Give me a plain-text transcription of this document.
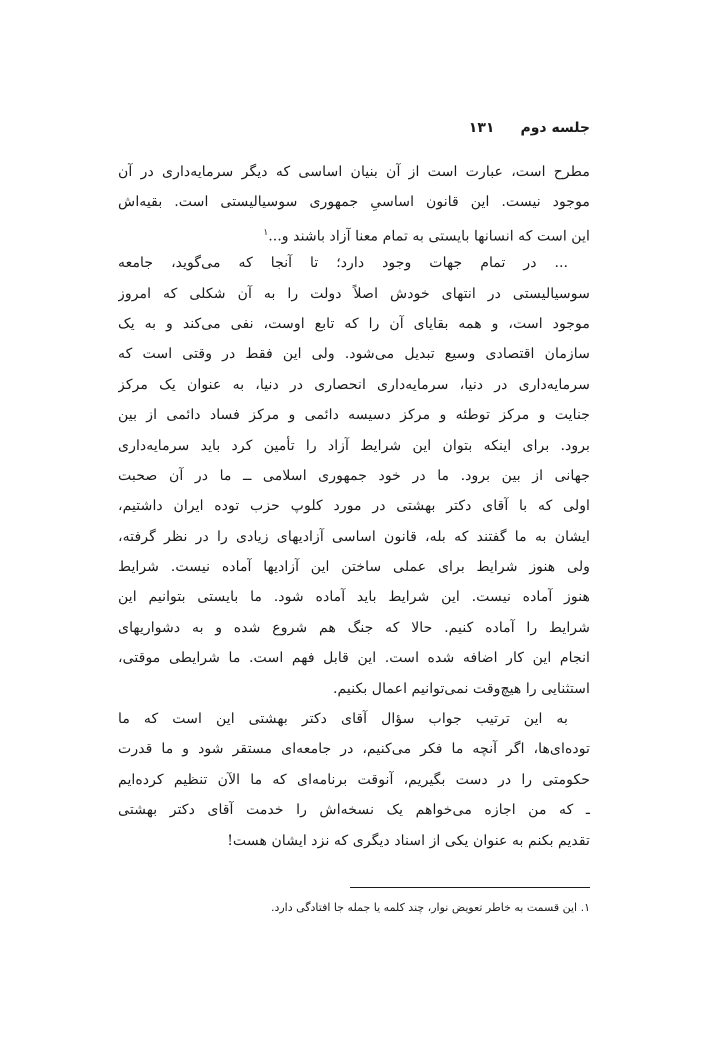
جلسه دوم
۱۳۱
مطرح است، عبارت است از آن بنیان اساسی که دیگر سرمایه‌داری در آن
موجود نیست. این قانون اساسیِ جمهوری سوسیالیستی است. بقیه‌اش
این است که انسانها بایستی به تمام معنا آزاد باشند و...$^۱$
... در تمام جهات وجود دارد؛ تا آنجا که می‌گوید، جامعه
سوسیالیستی در انتهای خودش اصلاً دولت را به آن شکلی که امروز
موجود است، و همه بقایای آن را که تابع اوست، نفی می‌کند و به یک
سازمان اقتصادی وسیع تبدیل می‌شود. ولی این فقط در وقتی است که
سرمایه‌داری در دنیا، سرمایه‌داری انحصاری در دنیا، به عنوان یک مرکز
جنایت و مرکز توطئه و مرکز دسیسه دائمی و مرکز فساد دائمی از بین
برود. برای اینکه بتوان این شرایط آزاد را تأمین کرد باید سرمایه‌داری
جهانی از بین برود. ما در خود جمهوری اسلامی ــ ما در آن صحبت
اولی که با آقای دکتر بهشتی در مورد کلوپ حزب توده ایران داشتیم،
ایشان به ما گفتند که بله، قانون اساسی آزادیهای زیادی را در نظر گرفته،
ولی هنوز شرایط برای عملی ساختن این آزادیها آماده نیست. شرایط
هنوز آماده نیست. این شرایط باید آماده شود. ما بایستی بتوانیم این
شرایط را آماده کنیم. حالا که جنگ هم شروع شده و به دشواریهای
انجام این کار اضافه شده است. این قابل فهم است. ما شرایطی موقتی،
استثنایی را هیچ‌وقت نمی‌توانیم اعمال بکنیم.
به این ترتیب جواب سؤال آقای دکتر بهشتی این است که ما
توده‌ای‌ها، اگر آنچه ما فکر می‌کنیم، در جامعه‌ای مستقر شود و ما قدرت
حکومتی را در دست بگیریم، آنوقت برنامه‌ای که ما الآن تنظیم کرده‌ایم
ـ که من اجازه می‌خواهم یک نسخه‌اش را خدمت آقای دکتر بهشتی
تقدیم بکنم به عنوان یکی از اسناد دیگری که نزد ایشان هست!
۱. این قسمت به خاطر تعویض نوار، چند کلمه یا جمله جا افتادگی دارد.
